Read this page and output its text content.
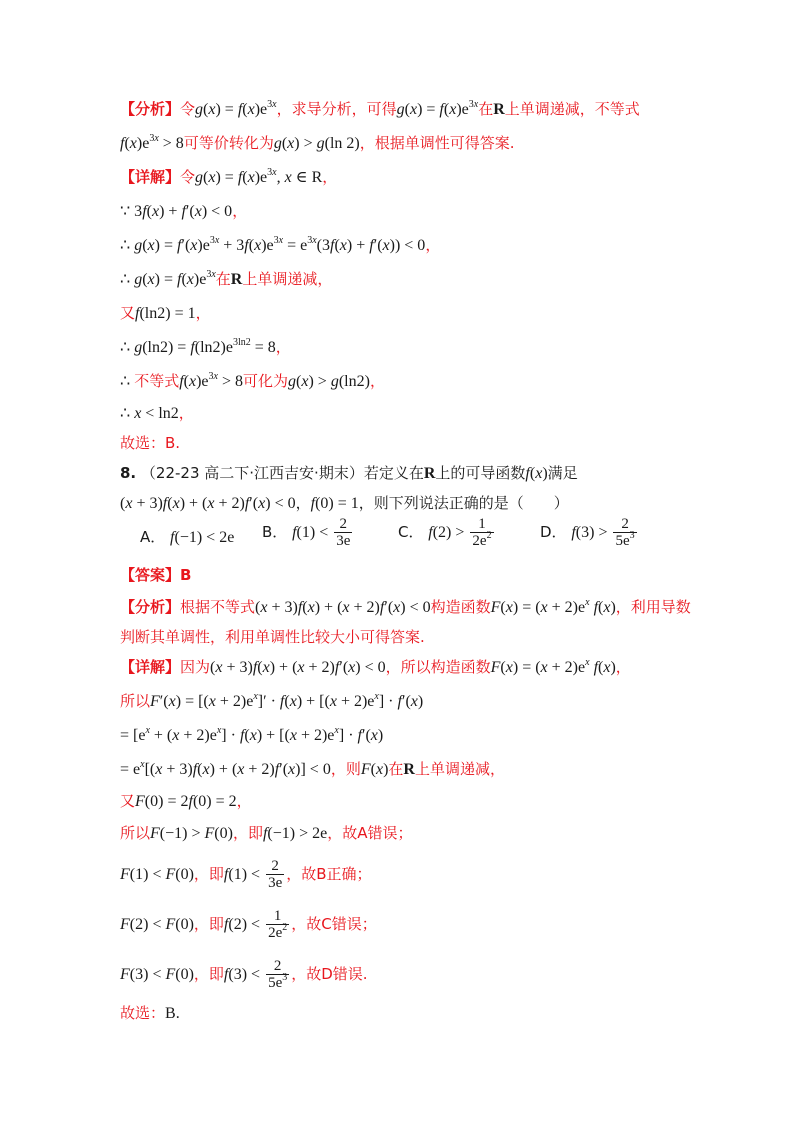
【分析】令$g(x) = f(x)e^{3x}$，求导分析，可得$g(x) = f(x)e^{3x}$在R上单调递减，不等式
$f(x)e^{3x} > 8$可等价转化为g(x) > g(ln 2)，根据单调性可得答案.
【详解】令$g(x) = f(x)e^{3x}$, x ∈ R，
∵ 3f(x) + f′(x) < 0，
∴ $g(x) = f'(x)e^{3x} + 3f(x)e^{3x} = e^{3x}(3f(x) + f'(x)) < 0$，
∴ $g(x) = f(x)e^{3x}$在R上单调递减，
又f(ln2) = 1，
∴ $g(\ln 2) = f(\ln 2)e^{3ln2} = 8$，
∴ 不等式$f(x)e^{3x} > 8$可化为g(x) > g(ln2)，
∴ x < ln2，
故选：B.
8. （22-23 高二下·江西吉安·期末）若定义在R上的可导函数f(x)满足
(x + 3)f(x) + (x + 2)f′(x) < 0，f(0) = 1，则下列说法正确的是（　　）
A． f(−1) < 2e B． $f(1) < \frac{2}{3e}$	C． $f(2) > \frac{1}{2e^2}$	D． $f(3) > \frac{2}{5e^3}$
【答案】B
【分析】根据不等式(x + 3)f(x) + (x + 2)f′(x) < 0构造函数$F(x) = (x + 2)e^x$ f(x)，利用导数
判断其单调性，利用单调性比较大小可得答案.
【详解】因为(x + 3)f(x) + (x + 2)f′(x) < 0，所以构造函数$F(x) = (x + 2)e^x$ f(x)，
所以$F'(x) = [(x + 2)e^x]' \cdot f(x) + [(x + 2)e^x] \cdot f'(x)$
= $[e^x + (x + 2)e^x] \cdot f(x) + [(x + 2)e^x] \cdot f'(x)$
= $e^x[(x + 3)f(x) + (x + 2)f'(x)] < 0$，则F(x)在R上单调递减，
又F(0) = 2f(0) = 2，
所以F(−1) > F(0)，即f(−1) > 2e，故A错误；
F(1) < F(0)，即$f(1) < \frac{2}{3e}$ ，故B正确；
F(2) < F(0)，即$f(2) < \frac{1}{2e^2}$ ，故C错误；
F(3) < F(0)，即$f(3) < \frac{2}{5e^3}$ ，故D错误.
故选：B.
